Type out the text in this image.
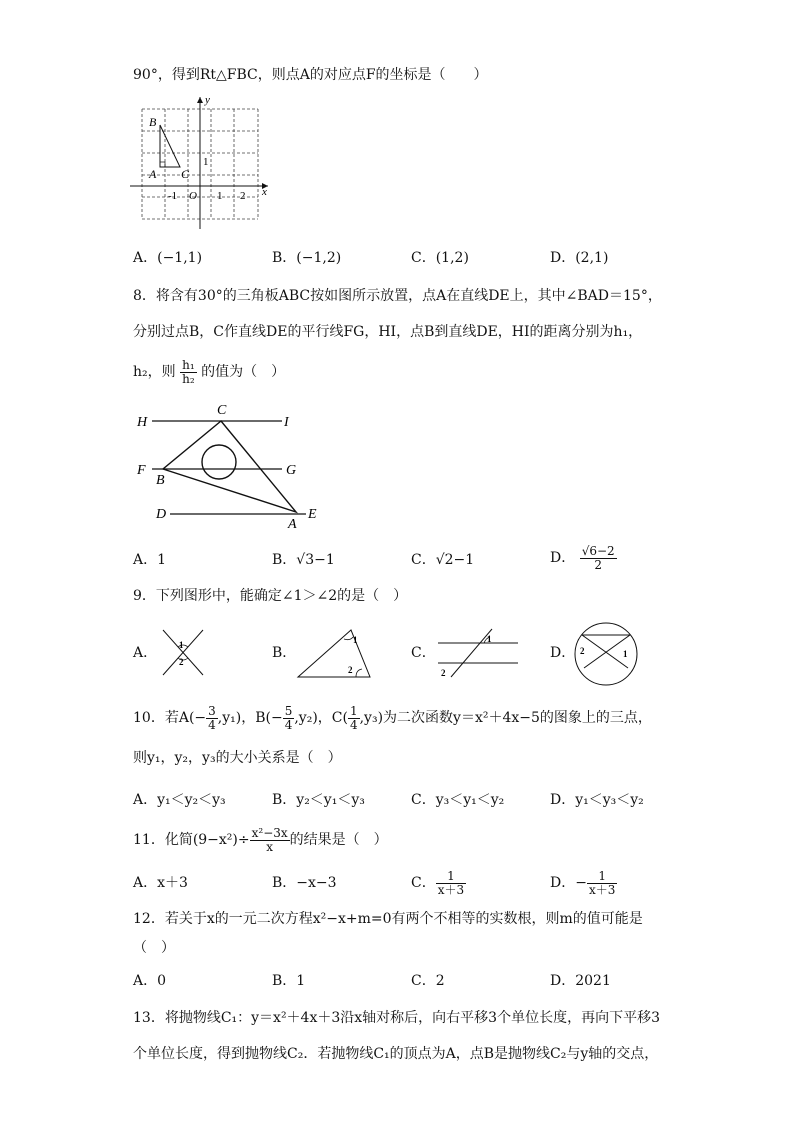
90°，得到Rt△FBC，则点A的对应点F的坐标是（　　）
y
x
B
A C
1
-1 O 1 2
A．(−1,1)	B．(−1,2)	C．(1,2)	D．(2,1)
8．将含有30°的三角板ABC按如图所示放置，点A在直线DE上，其中∠BAD＝15°，
分别过点B，C作直线DE的平行线FG，HI，点B到直线DE，HI的距离分别为h₁，
h₂，则 $\frac{\text{h₁}}{\text{h₂}}$ 的值为（　）
H
C
I
F	G
B
D
A
E
A．1	B．√3−1	C．√2−1	D． $\frac{√6-2}{2}$
9．下列图形中，能确定∠1＞∠2的是（　）
A． 1
2
B．
1
2
C．
1
2
D． 2	1
10．若$A(- \frac{3}{4} ,y_1)$，$B(- \frac{5}{4} ,y_2)$，$C( \frac{1}{4} ,y_3)$为二次函数y＝x²＋4x−5的图象上的三点，
则y₁，y₂，y₃的大小关系是（　）
A．y₁＜y₂＜y₃	B．y₂＜y₁＜y₃	C．y₃＜y₁＜y₂	D．y₁＜y₃＜y₂
11．化简$(9-x^2)\div \frac{\text{x²−3x}}{x}$ 的结果是（　）
A．x＋3	B．−x−3	C． $\frac{1}{x+3}$	D．− $\frac{1}{x+3}$
12．若关于x的一元二次方程x²−x+m=0有两个不相等的实数根，则m的值可能是
（　）
A．0	B．1	C．2	D．2021
13．将抛物线C₁：y＝x²＋4x＋3沿x轴对称后，向右平移3个单位长度，再向下平移3
个单位长度，得到抛物线C₂．若抛物线C₁的顶点为A，点B是抛物线C₂与y轴的交点，
